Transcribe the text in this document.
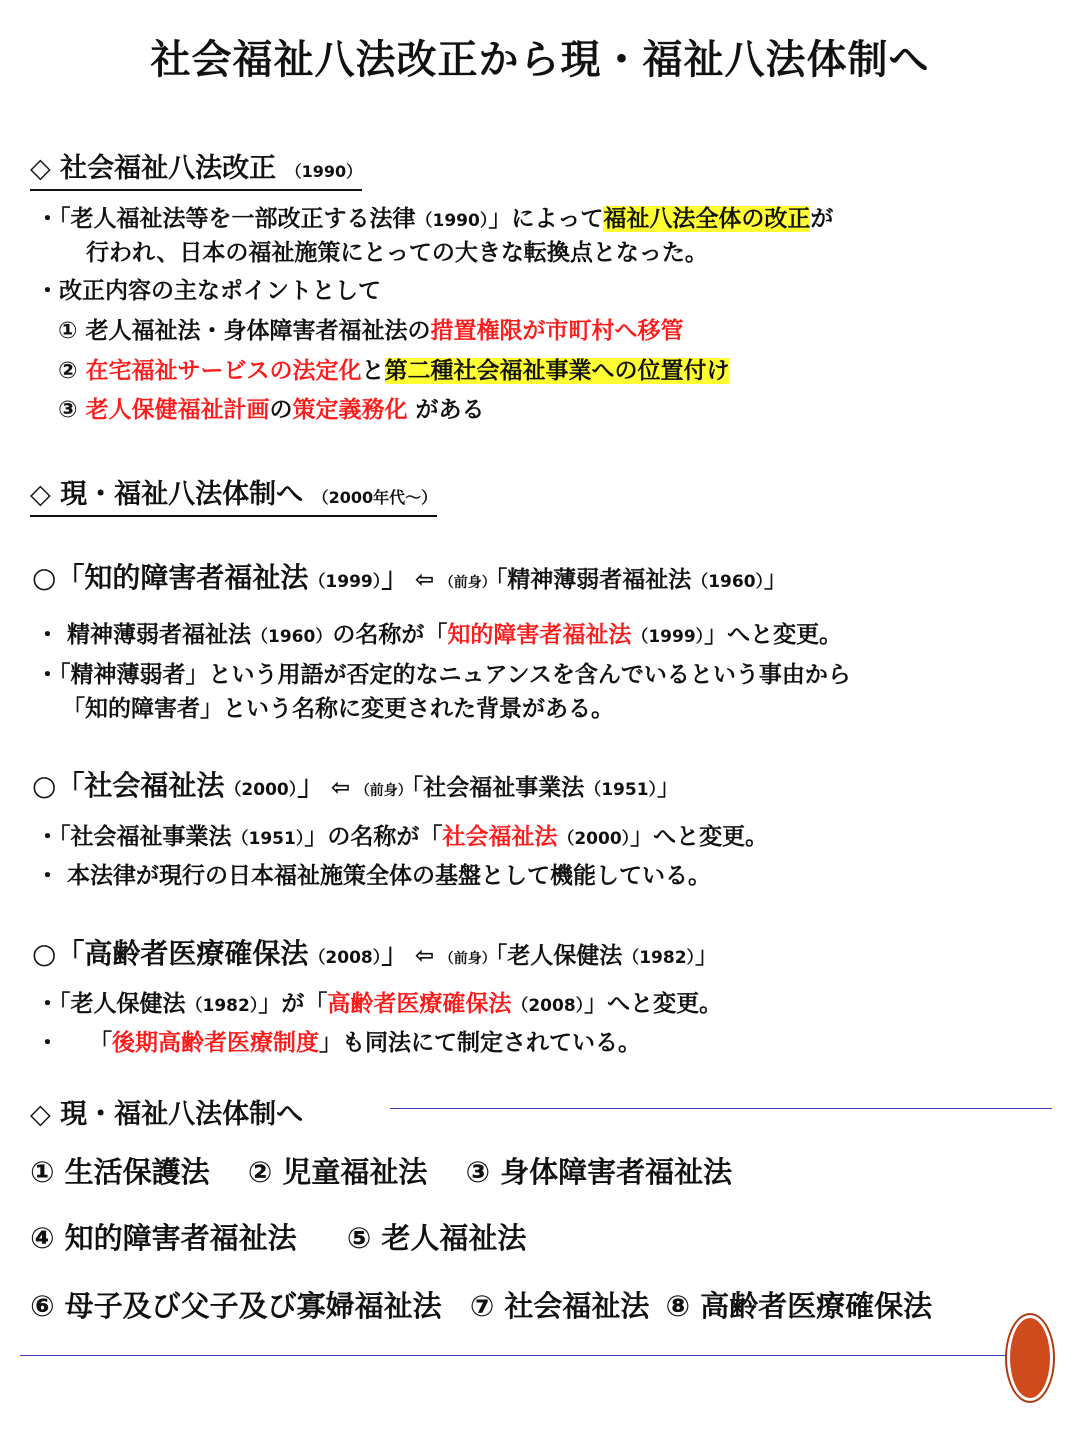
社会福祉八法改正から現・福祉八法体制へ
◇ 社会福祉八法改正 （1990）
・「老人福祉法等を一部改正する法律（1990）」によって福祉八法全体の改正が
行われ、日本の福祉施策にとっての大きな転換点となった。
・改正内容の主なポイントとして
① 老人福祉法・身体障害者福祉法の措置権限が市町村へ移管
② 在宅福祉サービスの法定化と第二種社会福祉事業への位置付け
③ 老人保健福祉計画の策定義務化 がある
◇ 現・福祉八法体制へ （2000年代～）
○「知的障害者福祉法（1999）」 ⇦ （前身）「精神薄弱者福祉法（1960）」
・ 精神薄弱者福祉法（1960）の名称が「知的障害者福祉法（1999）」へと変更。
・「精神薄弱者」という用語が否定的なニュアンスを含んでいるという事由から
「知的障害者」という名称に変更された背景がある。
○「社会福祉法（2000）」 ⇦ （前身）「社会福祉事業法（1951）」
・「社会福祉事業法（1951）」の名称が「社会福祉法（2000）」へと変更。
・ 本法律が現行の日本福祉施策全体の基盤として機能している。
○「高齢者医療確保法（2008）」 ⇦ （前身）「老人保健法（1982）」
・「老人保健法（1982）」が「高齢者医療確保法（2008）」へと変更。
・ 「後期高齢者医療制度」も同法にて制定されている。
◇ 現・福祉八法体制へ
① 生活保護法 ② 児童福祉法 ③ 身体障害者福祉法
④ 知的障害者福祉法 ⑤ 老人福祉法
⑥ 母子及び父子及び寡婦福祉法 ⑦ 社会福祉法 ⑧ 高齢者医療確保法
